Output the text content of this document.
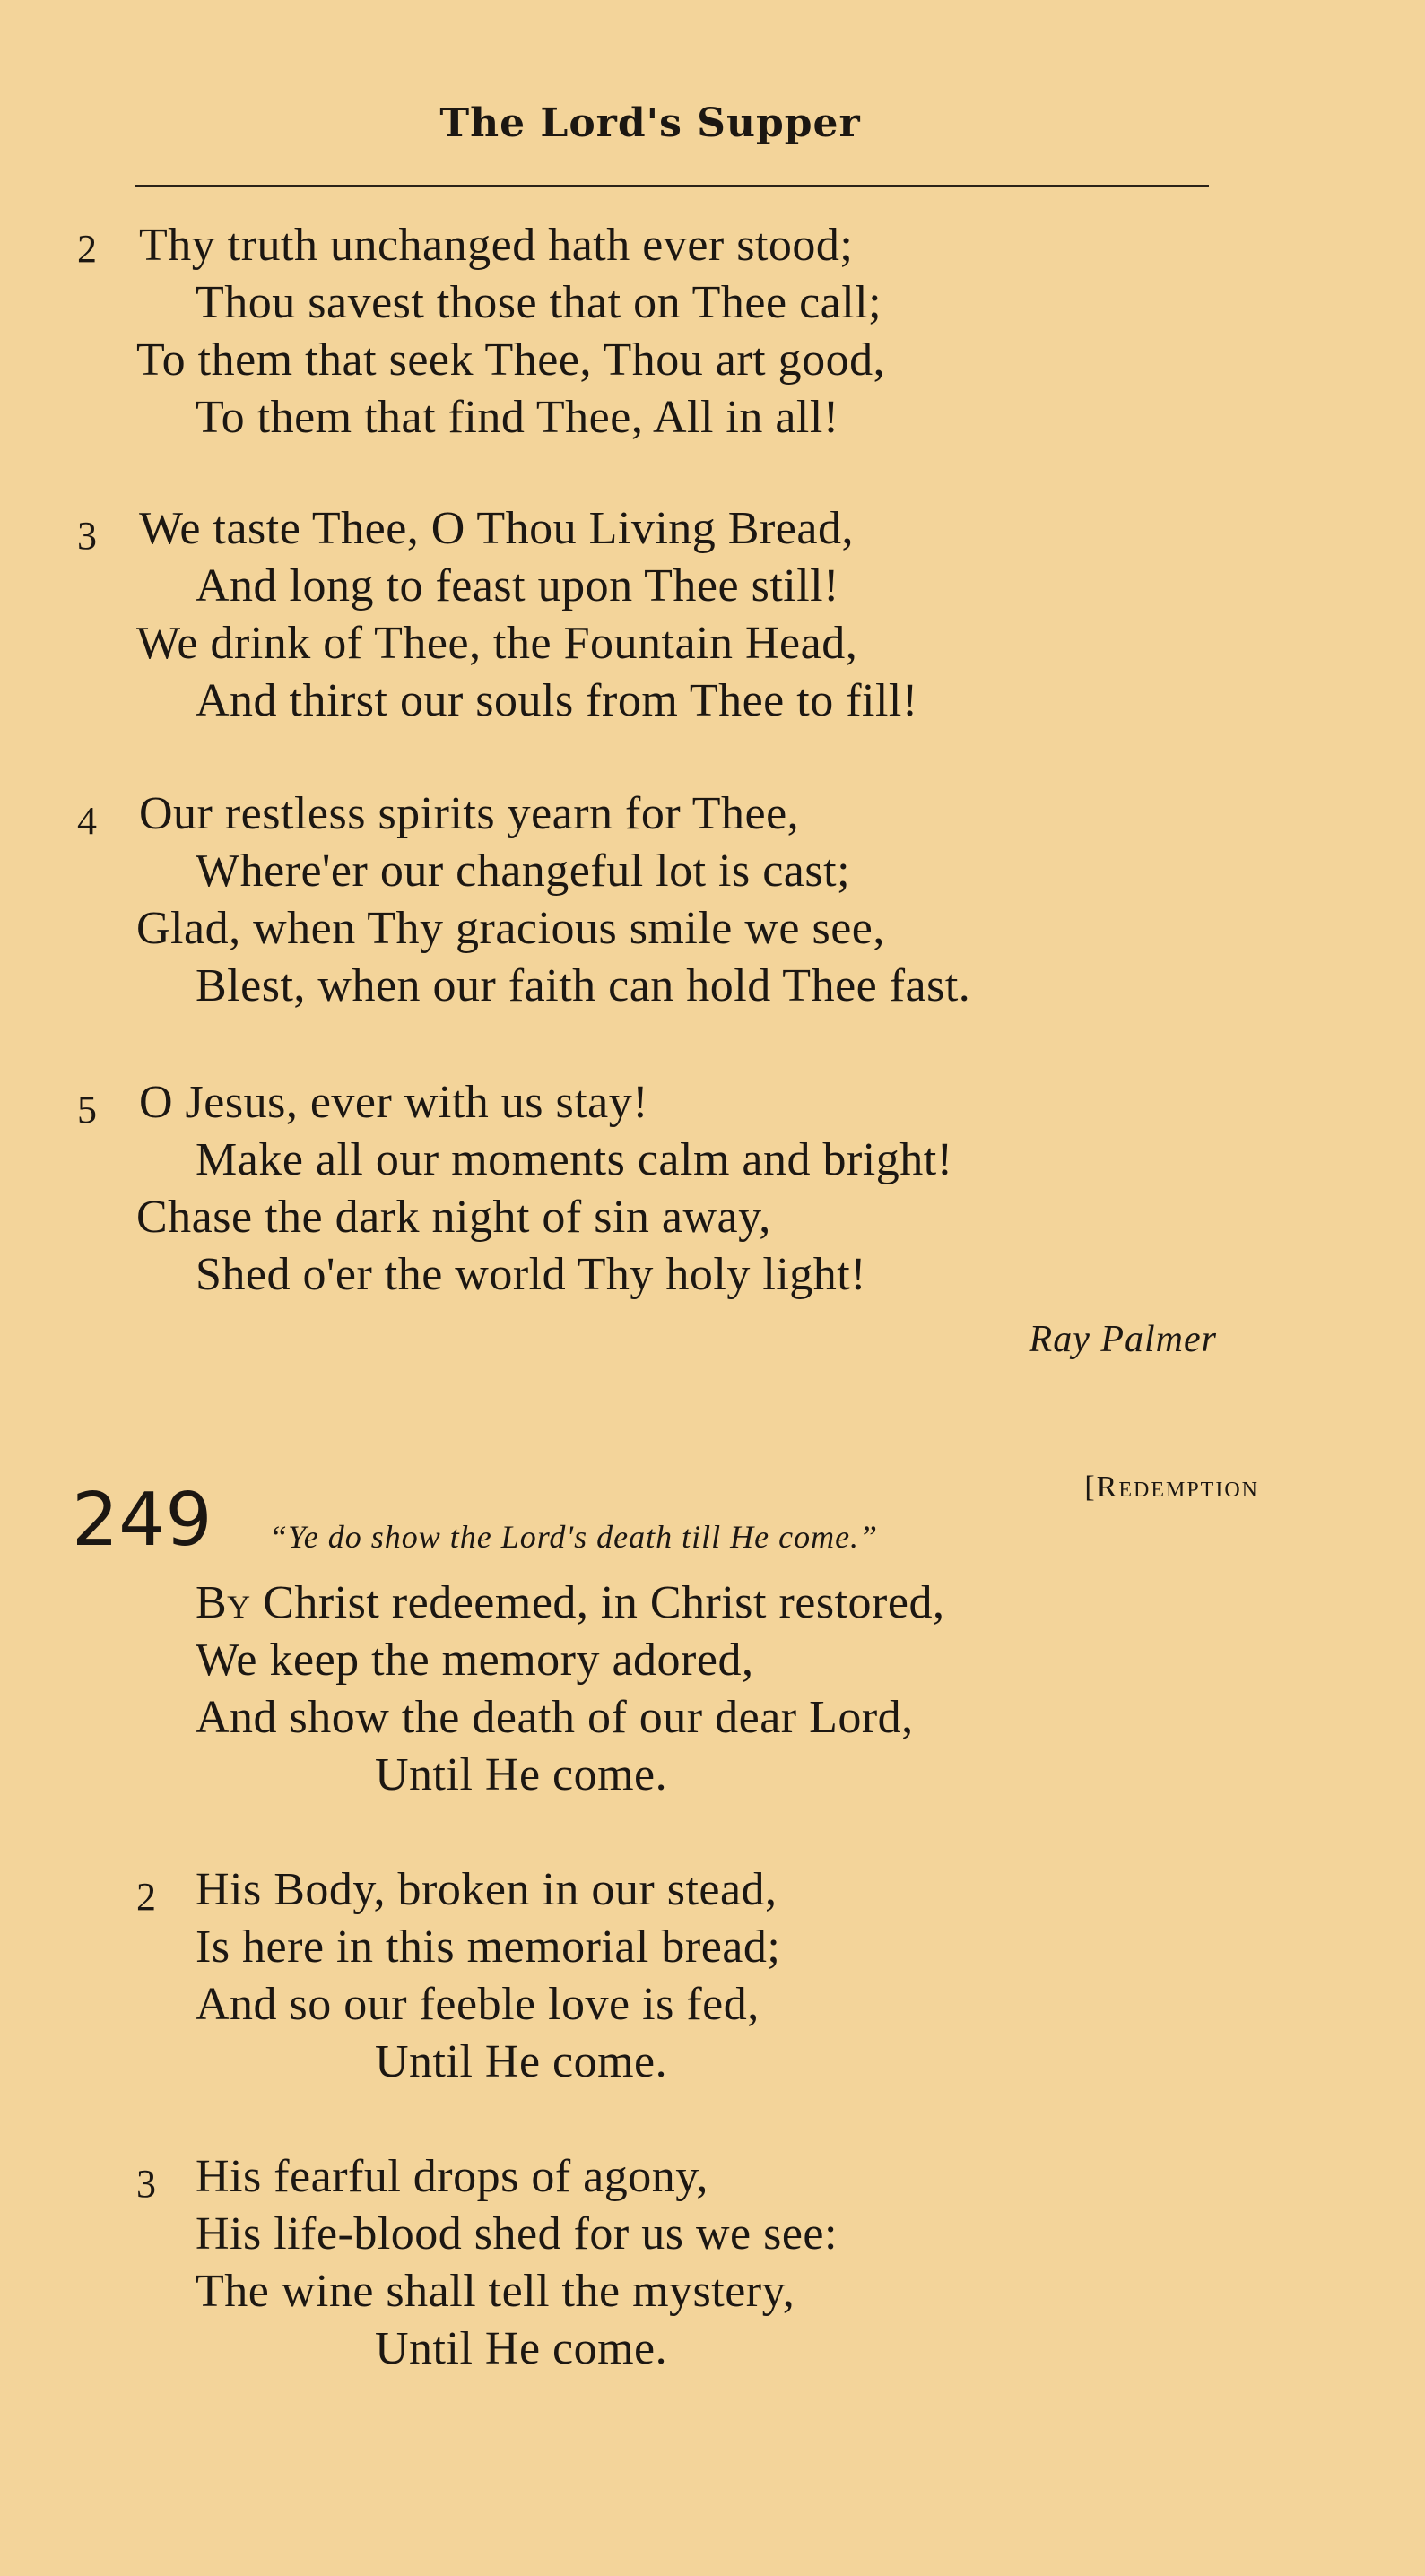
The Lord's Supper
2 Thy truth unchanged hath ever stood;
Thou savest those that on Thee call;
To them that seek Thee, Thou art good,
To them that find Thee, All in all!
3 We taste Thee, O Thou Living Bread,
And long to feast upon Thee still!
We drink of Thee, the Fountain Head,
And thirst our souls from Thee to fill!
4 Our restless spirits yearn for Thee,
Where'er our changeful lot is cast;
Glad, when Thy gracious smile we see,
Blest, when our faith can hold Thee fast.
5 O Jesus, ever with us stay!
Make all our moments calm and bright!
Chase the dark night of sin away,
Shed o'er the world Thy holy light!
Ray Palmer
[Redemption
249 “Ye do show the Lord's death till He come.”
By Christ redeemed, in Christ restored,
We keep the memory adored,
And show the death of our dear Lord,
Until He come.
2 His Body, broken in our stead,
Is here in this memorial bread;
And so our feeble love is fed,
Until He come.
3 His fearful drops of agony,
His life-blood shed for us we see:
The wine shall tell the mystery,
Until He come.
